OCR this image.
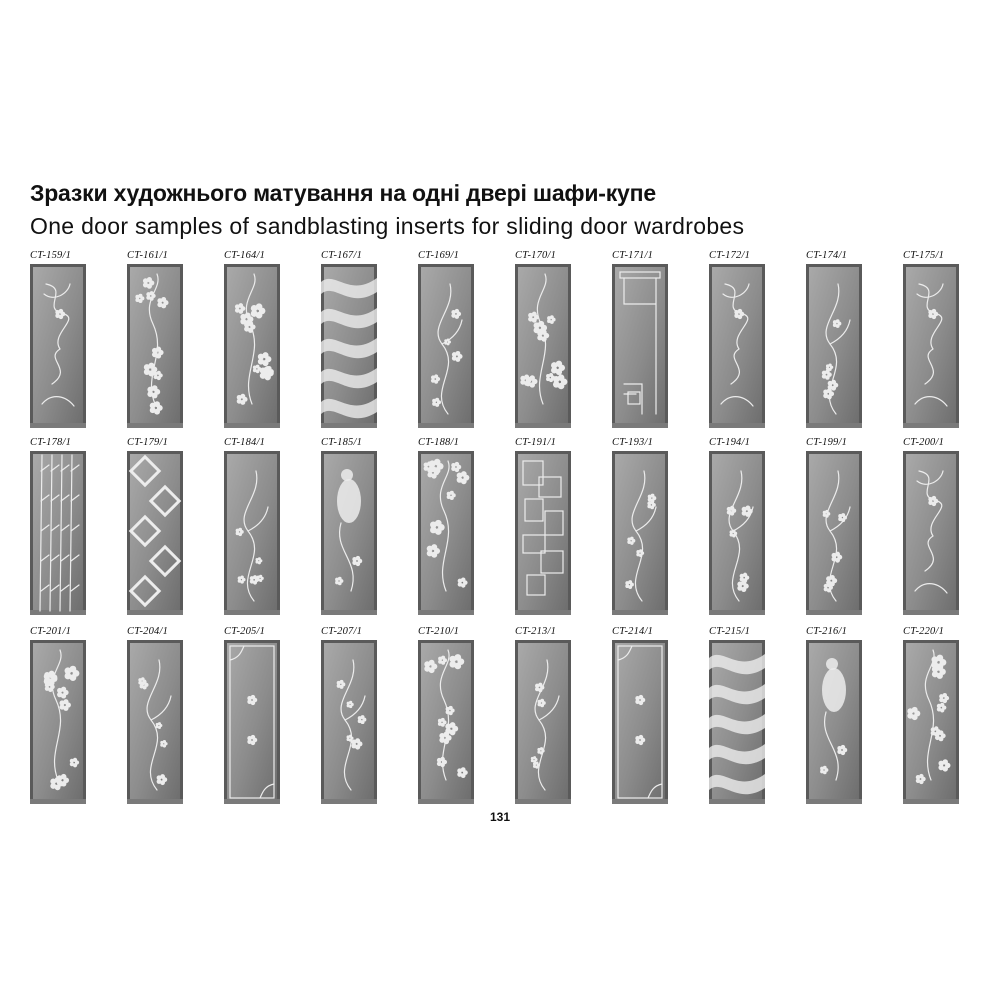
Зразки художнього матування на одні двері шафи-купе
One door samples of sandblasting inserts for sliding door wardrobes
CT-159/1	CT-161/1	CT-164/1	CT-167/1	CT-169/1	CT-170/1	CT-171/1	CT-172/1	CT-174/1	CT-175/1
CT-178/1	CT-179/1	CT-184/1	CT-185/1	CT-188/1	CT-191/1	CT-193/1	CT-194/1	CT-199/1	CT-200/1
CT-201/1	CT-204/1	CT-205/1	CT-207/1	CT-210/1	CT-213/1	CT-214/1	CT-215/1	CT-216/1	CT-220/1
131
